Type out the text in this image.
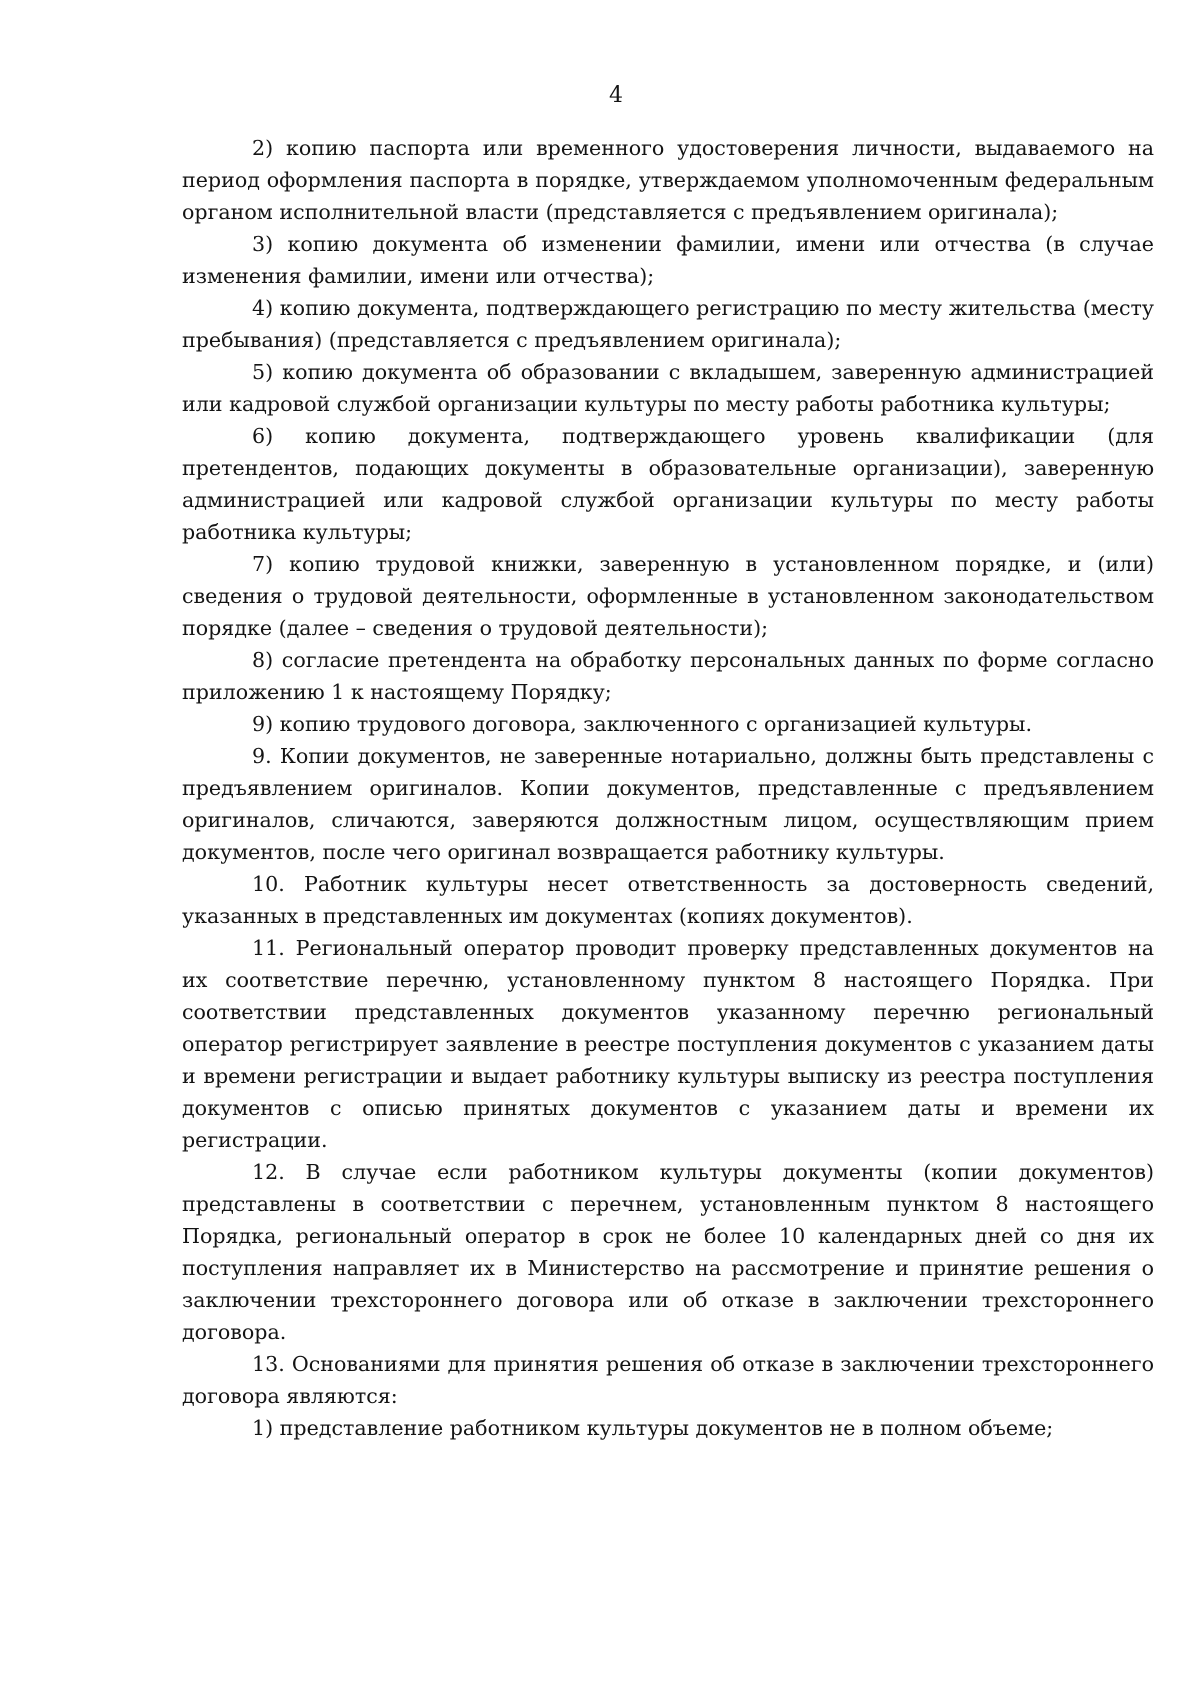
4

2) копию паспорта или временного удостоверения личности, выдаваемого на период оформления паспорта в порядке, утверждаемом уполномоченным федеральным органом исполнительной власти (представляется с предъявлением оригинала);

3) копию документа об изменении фамилии, имени или отчества (в случае изменения фамилии, имени или отчества);

4) копию документа, подтверждающего регистрацию по месту жительства (месту пребывания) (представляется с предъявлением оригинала);

5) копию документа об образовании с вкладышем, заверенную администрацией или кадровой службой организации культуры по месту работы работника культуры;

6) копию документа, подтверждающего уровень квалификации (для претендентов, подающих документы в образовательные организации), заверенную администрацией или кадровой службой организации культуры по месту работы работника культуры;

7) копию трудовой книжки, заверенную в установленном порядке, и (или) сведения о трудовой деятельности, оформленные в установленном законодательством порядке (далее – сведения о трудовой деятельности);

8) согласие претендента на обработку персональных данных по форме согласно приложению 1 к настоящему Порядку;

9) копию трудового договора, заключенного с организацией культуры.

9. Копии документов, не заверенные нотариально, должны быть представлены с предъявлением оригиналов. Копии документов, представленные с предъявлением оригиналов, сличаются, заверяются должностным лицом, осуществляющим прием документов, после чего оригинал возвращается работнику культуры.

10. Работник культуры несет ответственность за достоверность сведений, указанных в представленных им документах (копиях документов).

11. Региональный оператор проводит проверку представленных документов на их соответствие перечню, установленному пунктом 8 настоящего Порядка. При соответствии представленных документов указанному перечню региональный оператор регистрирует заявление в реестре поступления документов с указанием даты и времени регистрации и выдает работнику культуры выписку из реестра поступления документов с описью принятых документов с указанием даты и времени их регистрации.

12. В случае если работником культуры документы (копии документов) представлены в соответствии с перечнем, установленным пунктом 8 настоящего Порядка, региональный оператор в срок не более 10 календарных дней со дня их поступления направляет их в Министерство на рассмотрение и принятие решения о заключении трехстороннего договора или об отказе в заключении трехстороннего договора.

13. Основаниями для принятия решения об отказе в заключении трехстороннего договора являются:

1) представление работником культуры документов не в полном объеме;
